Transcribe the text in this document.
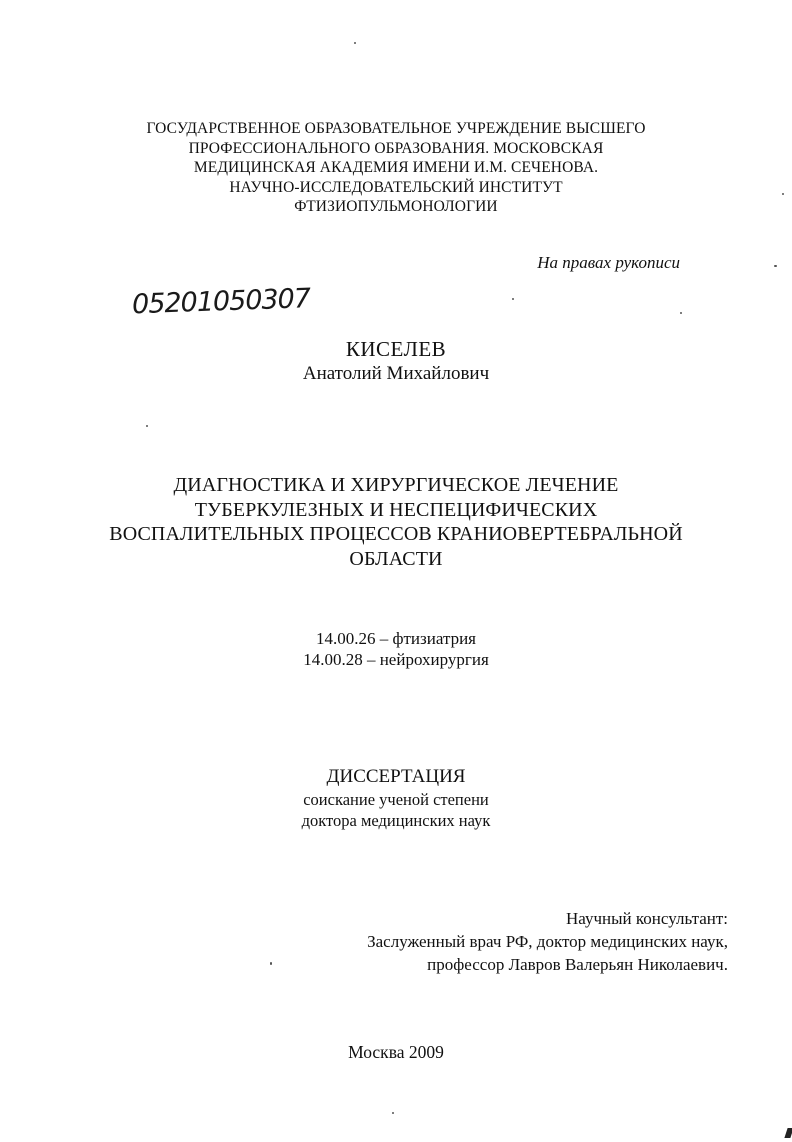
ГОСУДАРСТВЕННОЕ ОБРАЗОВАТЕЛЬНОЕ УЧРЕЖДЕНИЕ ВЫСШЕГО
ПРОФЕССИОНАЛЬНОГО ОБРАЗОВАНИЯ. МОСКОВСКАЯ
МЕДИЦИНСКАЯ АКАДЕМИЯ ИМЕНИ И.М. СЕЧЕНОВА.
НАУЧНО-ИССЛЕДОВАТЕЛЬСКИЙ ИНСТИТУТ
ФТИЗИОПУЛЬМОНОЛОГИИ
На правах рукописи
05201050307
КИСЕЛЕВ
Анатолий Михайлович
ДИАГНОСТИКА И ХИРУРГИЧЕСКОЕ ЛЕЧЕНИЕ
ТУБЕРКУЛЕЗНЫХ И НЕСПЕЦИФИЧЕСКИХ
ВОСПАЛИТЕЛЬНЫХ ПРОЦЕССОВ КРАНИОВЕРТЕБРАЛЬНОЙ
ОБЛАСТИ
14.00.26 – фтизиатрия
14.00.28 – нейрохирургия
ДИССЕРТАЦИЯ
соискание ученой степени
доктора медицинских наук
Научный консультант:
Заслуженный врач РФ, доктор медицинских наук,
профессор Лавров Валерьян Николаевич.
Москва 2009
